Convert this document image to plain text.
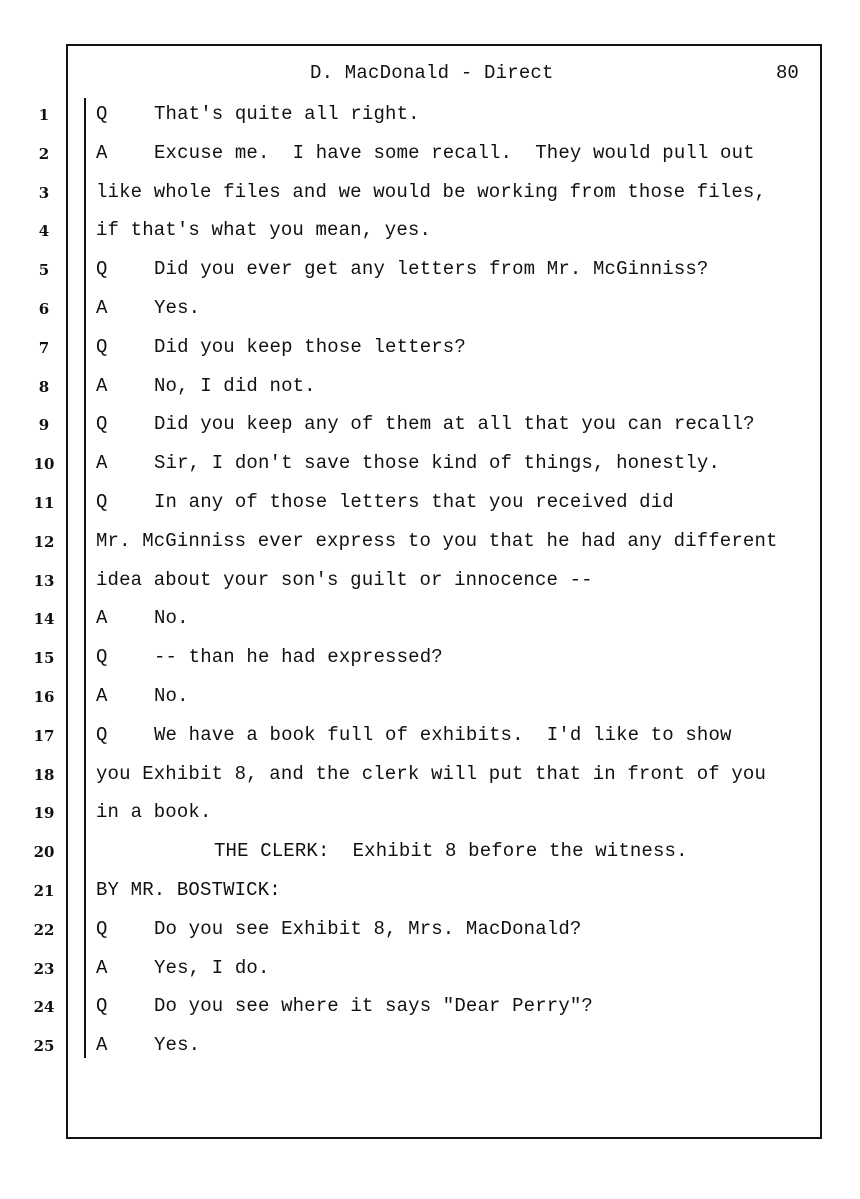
D. MacDonald - Direct	80
1	Q That's quite all right.
2	A Excuse me.  I have some recall.  They would pull out
3	like whole files and we would be working from those files,
4	if that's what you mean, yes.
5	Q Did you ever get any letters from Mr. McGinniss?
6	A Yes.
7	Q Did you keep those letters?
8	A No, I did not.
9	Q Did you keep any of them at all that you can recall?
10 A Sir, I don't save those kind of things, honestly.
11 Q In any of those letters that you received did
12 Mr. McGinniss ever express to you that he had any different
13 idea about your son's guilt or innocence --
14 A No.
15 Q -- than he had expressed?
16 A No.
17 Q We have a book full of exhibits.  I'd like to show
18 you Exhibit 8, and the clerk will put that in front of you
19 in a book.
20	THE CLERK:  Exhibit 8 before the witness.
21 BY MR. BOSTWICK:
22 Q Do you see Exhibit 8, Mrs. MacDonald?
23 A Yes, I do.
24 Q Do you see where it says "Dear Perry"?
25 A Yes.
